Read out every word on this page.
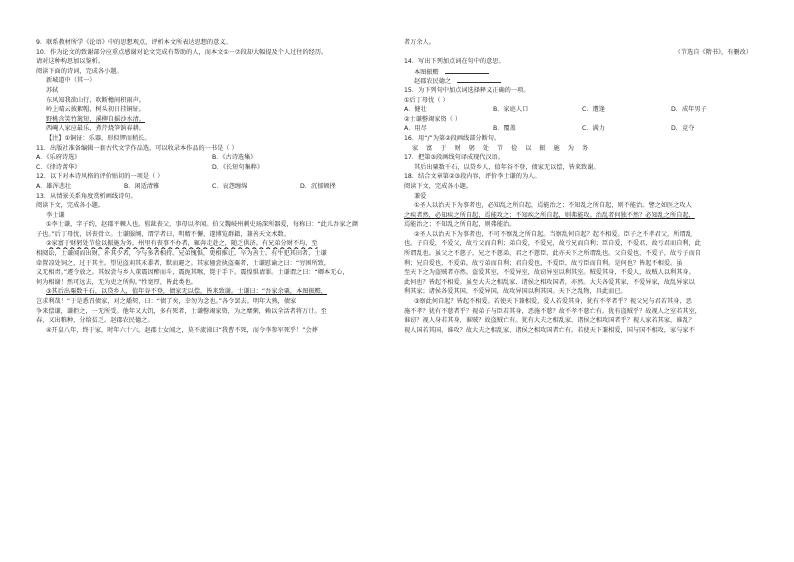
9．联系教材所学《论语》中的思想观点，评析本文所表达思想的意义。
10．作为论文的致谢部分应重点感谢对论文完成有帮助的人，而本文①－⑦段却大幅提及个人过往的经历。
请对这种构思加以鉴析。
阅读下面的诗词，完成各小题。
新城道中（其一）
苏轼
东风知我欲山行，吹断檐间积雨声。
岭上晴云披絮帽，树头初日挂铜钲。
野桃含笑竹篱短，溪柳自摇沙水清。
西崦人家应最乐，煮芹烧笋饷春耕。
【注】①铜钲：乐器，形似锣而稍长。
11．出版社准备编辑一套古代文学作品选，可以收录本作品的一书是（ ）
A．《乐府诗选》	B．《古诗选集》
C．《律诗菁华》	D．《长短句集粹》
12．以下对本诗风格的评价贴切的一项是（ ）
A．雄浑悲壮	B．闲适清雅	C．哀怨缠绵	D．沉郁顿挫
13．从情景关系角度赏析画线诗句。
阅读下文，完成各小题。
李士谦
①李士谦，字子约，赵郡平棘人也。髫龀丧父，事母以孝闻。伯父魏岐州刺史玚深所器爱，每称曰：“此儿吾家之颜
子也。”后丁母忧，居丧骨立。士谦服阕，谓学者曰，明精不懈，遂博览群籍，兼善天文术数。
②家富于财躬处节俭以振施为务。州里有丧事不办者，辄奔走赴之，随乏供济。有兄弟分财不均，至
相阋讼，士谦闻而出财，补其少者，令与多者相持。兄弟愧惧，更相推让，卒为善士。有牛犯其田者，士谦
牵置凉处饲之，过于其主。望见盗刈其禾黍者，默而避之。其家僮尝执盗粟者，士谦慰谕之曰：“穷困所致，
义无相责。”遽令放之。其奴尝与乡人董震因醉而斗，震扼其喉，毙于手下。震惶惧请罪。士谦谓之曰：“卿本无心，
何为相谢！然可远去，无为吏之所拘。”性宽厚，皆此类也。
③其后出粟数千石，以贷乡人，值年谷不登，债家无以偿，皆来致谢。士谦曰：“吾家余粟，本图振赡，
岂求利哉！”于是悉召债家，对之燔契，曰：“债了矣，幸勿为念也。”各令罢去。明年大熟，债家
争来偿谦，谦拒之，一无所受。他年又大饥，多有死者，士谦罄竭家资，为之糜粥，赖以全活者将万计。至
春，又出粮种，分给贫乏。赵郡农民德之。
④开皇八年，终于家，时年六十六。赵郡士女闻之，莫不流涕曰“我曹不死，而令李参军死乎！”会葬
者万余人。
（节选自《隋书》，有删改）
14．写出下列加点词在句中的意思。
本图振赡
赵郡农民德之
15．为下列句中加点词选择释义正确的一项。
①后丁母忧（ ）
A．健壮	B．家庭人口	C．遭逢	D．成年男子
②士谦罄竭家资（ ）
A．用尽	B．覆盖	C．满力	D．竞夺
16．用“/”为第②段画线部分断句。
家 富 于 财 躬 处 节 俭 以 振 施 为 务
17．把第③段画线句译成现代汉语。
其后出粟数千石，以贷乡人，值年谷不登，债家无以偿，皆来致谢。
18．结合文章第②③段内容，评价李士谦的为人。
阅读下文，完成各小题。
兼爱
①圣人以治天下为事者也，必知乱之所自起，焉能治之；不知乱之所自起，则不能治。譬之如医之攻人
之疾者然，必知疾之所自起，焉能攻之；不知疾之所自起，则弗能攻。治乱者何独不然？必知乱之所自起，
焉能治之；不知乱之所自起，则弗能治。
②圣人以治天下为事者也，不可不察乱之所自起。当察乱何自起？起不相爱。臣子之不孝君父，所谓乱
也。子自爱，不爱父，故亏父而自利；弟自爱，不爱兄，故亏兄而自利；臣自爱，不爱君，故亏君而自利，此
所谓乱也。虽父之不慈子，兄之不慈弟，君之不慈臣，此亦天下之所谓乱也。父自爱也，不爱子，故亏子而自
利；兄自爱也，不爱弟，故亏弟而自利；君自爱也，不爱臣，故亏臣而自利。是何也？皆起不相爱。虽
至天下之为盗贼者亦然。盗爱其室，不爱异室，故窃异室以利其室。贼爱其身，不爱人，故贼人以利其身。
此何也？皆起不相爱。虽至大夫之相乱家、诸侯之相攻国者，亦然。大夫各爱其家，不爱异家，故乱异家以
利其家；诸侯各爱其国，不爱异国，故攻异国以利其国。天下之乱物，具此而已。
③察此何自起？皆起不相爱。若使天下兼相爱，爱人若爱其身，犹有不孝者乎？视父兄与君若其身，恶
施不孝？犹有不慈者乎？视弟子与臣若其身，恶施不慈？故不孝不慈亡有。犹有盗贼乎？故视人之室若其室，
谁窃？视人身若其身，谁贼？故盗贼亡有。犹有大夫之相乱家、诸侯之相攻国者乎？视人家若其家，谁乱？
视人国若其国，谁攻？故大夫之相乱家、诸侯之相攻国者亡有。若使天下兼相爱，国与国不相攻，家与家不
